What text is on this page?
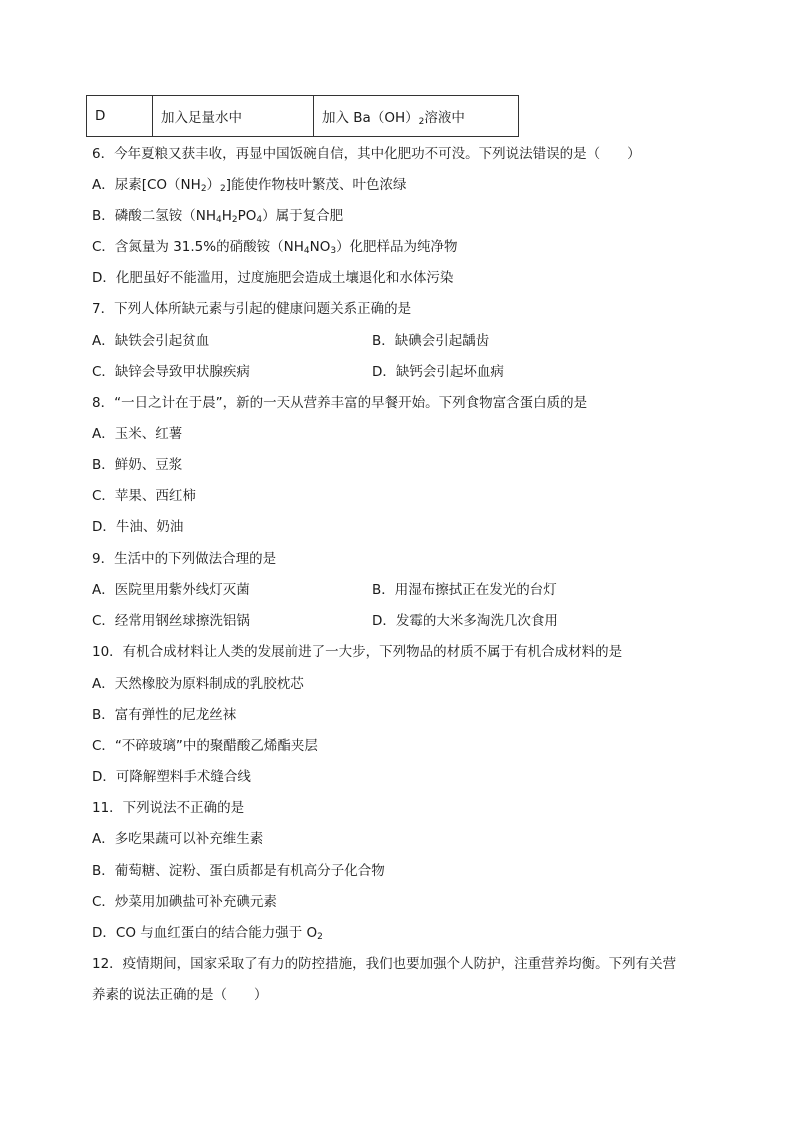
D	加入足量水中	加入 $Ba(OH)_2$溶液中
6．今年夏粮又获丰收，再显中国饭碗自信，其中化肥功不可没。下列说法错误的是（　　）
A．尿素$[CO(NH_2)_2]$能使作物枝叶繁茂、叶色浓绿
B．磷酸二氢铵$(NH_4H_2PO_4)$属于复合肥
C．含氮量为 31.5%的硝酸铵$(NH_4NO_3)$化肥样品为纯净物
D．化肥虽好不能滥用，过度施肥会造成土壤退化和水体污染
7．下列人体所缺元素与引起的健康问题关系正确的是
A．缺铁会引起贫血	B．缺碘会引起龋齿
C．缺锌会导致甲状腺疾病	D．缺钙会引起坏血病
8．“一日之计在于晨”，新的一天从营养丰富的早餐开始。下列食物富含蛋白质的是
A．玉米、红薯
B．鲜奶、豆浆
C．苹果、西红柿
D．牛油、奶油
9．生活中的下列做法合理的是
A．医院里用紫外线灯灭菌	B．用湿布擦拭正在发光的台灯
C．经常用钢丝球擦洗铝锅	D．发霉的大米多淘洗几次食用
10．有机合成材料让人类的发展前进了一大步，下列物品的材质不属于有机合成材料的是
A．天然橡胶为原料制成的乳胶枕芯
B．富有弹性的尼龙丝袜
C．“不碎玻璃”中的聚醋酸乙烯酯夹层
D．可降解塑料手术缝合线
11．下列说法不正确的是
A．多吃果蔬可以补充维生素
B．葡萄糖、淀粉、蛋白质都是有机高分子化合物
C．炒菜用加碘盐可补充碘元素
D．CO 与血红蛋白的结合能力强于 $O_2$
12．疫情期间，国家采取了有力的防控措施，我们也要加强个人防护，注重营养均衡。下列有关营
养素的说法正确的是（　　）
